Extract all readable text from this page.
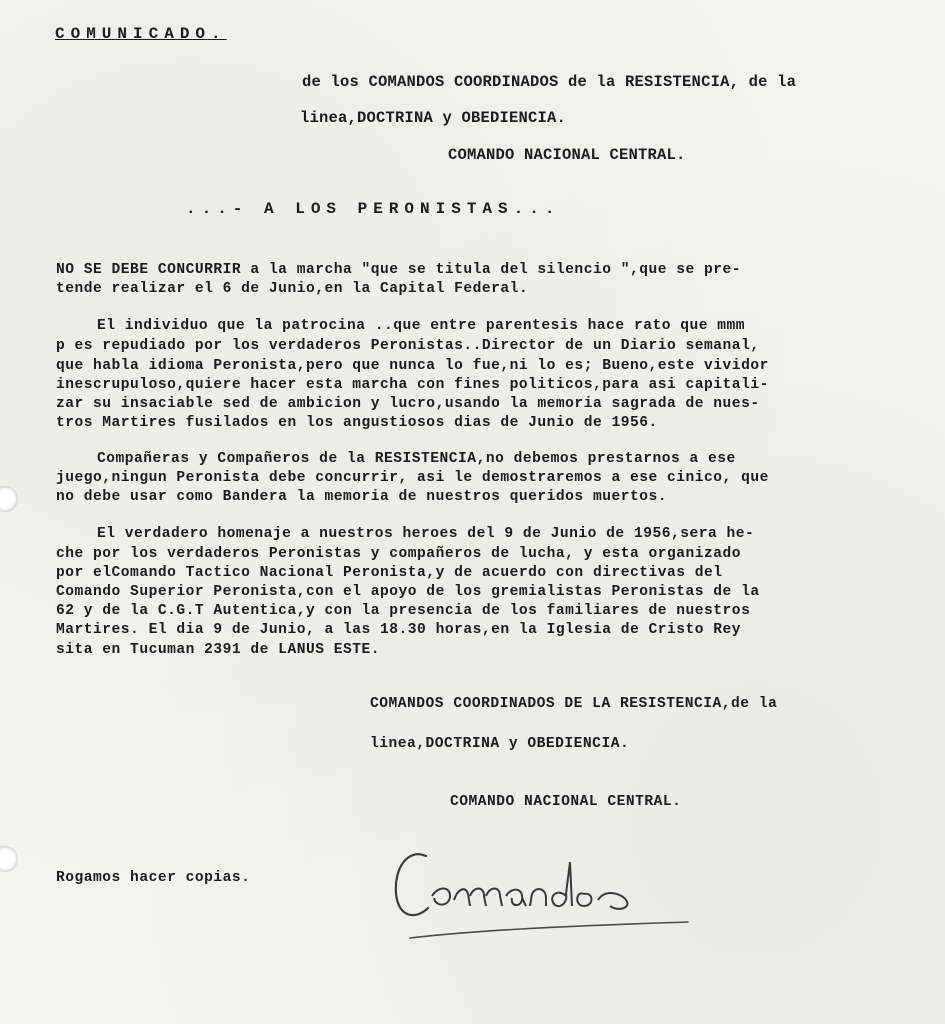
COMUNICADO.
de los COMANDOS COORDINADOS de la RESISTENCIA, de la
linea,DOCTRINA y OBEDIENCIA.
COMANDO NACIONAL CENTRAL.
...- A LOS PERONISTAS...
NO SE DEBE CONCURRIR a la marcha "que se titula del silencio ",que se pre-
tende realizar el 6 de Junio,en la Capital Federal.
El individuo que la patrocina ..que entre parentesis hace rato que mmm
p es repudiado por los verdaderos Peronistas..Director de un Diario semanal,
que habla idioma Peronista,pero que nunca lo fue,ni lo es; Bueno,este vividor
inescrupuloso,quiere hacer esta marcha con fines politicos,para asi capitali-
zar su insaciable sed de ambicion y lucro,usando la memoria sagrada de nues-
tros Martires fusilados en los angustiosos dias de Junio de 1956.
Compañeras y Compañeros de la RESISTENCIA,no debemos prestarnos a ese
juego,ningun Peronista debe concurrir, asi le demostraremos a ese cinico, que
no debe usar como Bandera la memoria de nuestros queridos muertos.
El verdadero homenaje a nuestros heroes del 9 de Junio de 1956,sera he-
che por los verdaderos Peronistas y compañeros de lucha, y esta organizado
por elComando Tactico Nacional Peronista,y de acuerdo con directivas del
Comando Superior Peronista,con el apoyo de los gremialistas Peronistas de la
62 y de la C.G.T Autentica,y con la presencia de los familiares de nuestros
Martires. El dia 9 de Junio, a las 18.30 horas,en la Iglesia de Cristo Rey
sita en Tucuman 2391 de LANUS ESTE.
COMANDOS COORDINADOS DE LA RESISTENCIA,de la
linea,DOCTRINA y OBEDIENCIA.
COMANDO NACIONAL CENTRAL.
Rogamos hacer copias.
